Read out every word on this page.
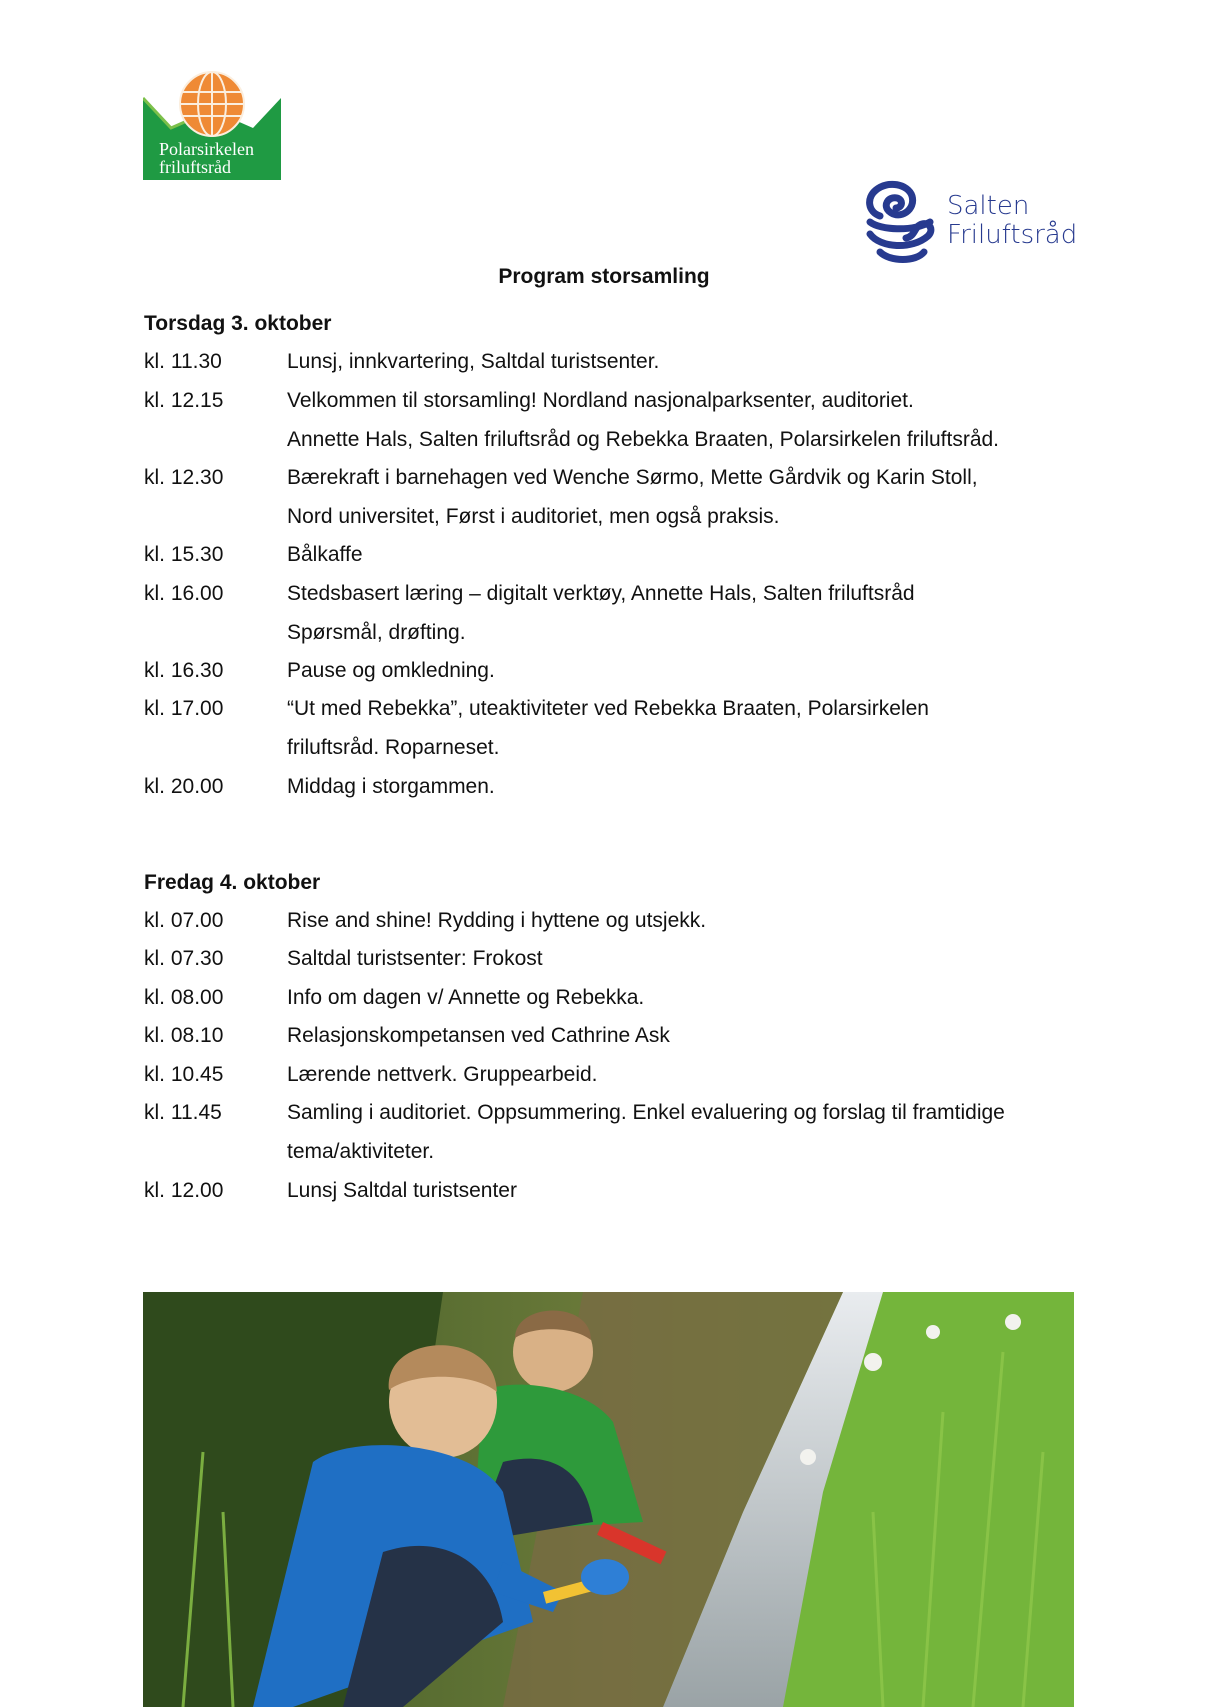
Polarsirkelen
friluftsråd
Salten
Friluftsråd
Program storsamling
Torsdag 3. oktober
kl. 11.30	Lunsj, innkvartering, Saltdal turistsenter.
kl. 12.15	Velkommen til storsamling! Nordland nasjonalparksenter, auditoriet.
Annette Hals, Salten friluftsråd og Rebekka Braaten, Polarsirkelen friluftsråd.
kl. 12.30	Bærekraft i barnehagen ved Wenche Sørmo, Mette Gårdvik og Karin Stoll,
Nord universitet, Først i auditoriet, men også praksis.
kl. 15.30	Bålkaffe
kl. 16.00	Stedsbasert læring – digitalt verktøy, Annette Hals, Salten friluftsråd
Spørsmål, drøfting.
kl. 16.30	Pause og omkledning.
kl. 17.00	“Ut med Rebekka”, uteaktiviteter ved Rebekka Braaten, Polarsirkelen
friluftsråd. Roparneset.
kl. 20.00	Middag i storgammen.
Fredag 4. oktober
kl. 07.00	Rise and shine! Rydding i hyttene og utsjekk.
kl. 07.30	Saltdal turistsenter: Frokost
kl. 08.00	Info om dagen v/ Annette og Rebekka.
kl. 08.10	Relasjonskompetansen ved Cathrine Ask
kl. 10.45	Lærende nettverk. Gruppearbeid.
kl. 11.45	Samling i auditoriet. Oppsummering. Enkel evaluering og forslag til framtidige
tema/aktiviteter.
kl. 12.00	Lunsj Saltdal turistsenter
